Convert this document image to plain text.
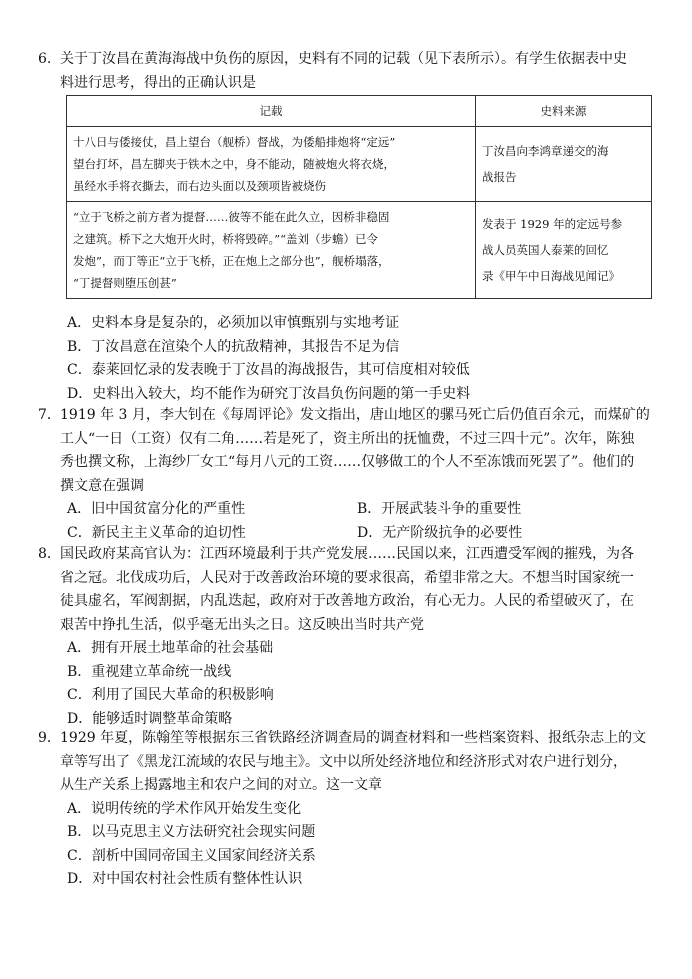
6. 关于丁汝昌在黄海海战中负伤的原因，史料有不同的记载（见下表所示）。有学生依据表中史
料进行思考，得出的正确认识是
记载	史料来源

十八日与倭接仗，昌上望台（舰桥）督战，为倭船排炮将“定远”
望台打坏，昌左脚夹于铁木之中，身不能动，随被炮火将衣烧，
虽经水手将衣撕去，而右边头面以及颈项皆被烧伤	丁汝昌向李鸿章递交的海
战报告

“立于飞桥之前方者为提督……彼等不能在此久立，因桥非稳固
之建筑。桥下之大炮开火时，桥将毁碎。”“盖刘（步蟾）已令
发炮”，而丁等正“立于飞桥，正在炮上之部分也”，舰桥塌落，
“丁提督则堕压创甚”	发表于 1929 年的定远号参
战人员英国人泰莱的回忆
录《甲午中日海战见闻记》
A．史料本身是复杂的，必须加以审慎甄别与实地考证
B．丁汝昌意在渲染个人的抗敌精神，其报告不足为信
C．泰莱回忆录的发表晚于丁汝昌的海战报告，其可信度相对较低
D．史料出入较大，均不能作为研究丁汝昌负伤问题的第一手史料
7． 1919 年 3 月，李大钊在《每周评论》发文指出，唐山地区的骡马死亡后仍值百余元，而煤矿的
工人“一日（工资）仅有二角……若是死了，资主所出的抚恤费，不过三四十元”。次年，陈独
秀也撰文称，上海纱厂女工“每月八元的工资……仅够做工的个人不至冻饿而死罢了”。他们的
撰文意在强调
A．旧中国贫富分化的严重性	B．开展武装斗争的重要性
C．新民主主义革命的迫切性	D．无产阶级抗争的必要性
8． 国民政府某高官认为：江西环境最利于共产党发展……民国以来，江西遭受军阀的摧残，为各
省之冠。北伐成功后，人民对于改善政治环境的要求很高，希望非常之大。不想当时国家统一
徒具虚名，军阀割据，内乱迭起，政府对于改善地方政治，有心无力。人民的希望破灭了，在
艰苦中挣扎生活，似乎毫无出头之日。这反映出当时共产党
A．拥有开展土地革命的社会基础
B．重视建立革命统一战线
C．利用了国民大革命的积极影响
D．能够适时调整革命策略
9． 1929 年夏，陈翰笙等根据东三省铁路经济调查局的调查材料和一些档案资料、报纸杂志上的文
章等写出了《黑龙江流域的农民与地主》。文中以所处经济地位和经济形式对农户进行划分，
从生产关系上揭露地主和农户之间的对立。这一文章
A．说明传统的学术作风开始发生变化
B．以马克思主义方法研究社会现实问题
C．剖析中国同帝国主义国家间经济关系
D．对中国农村社会性质有整体性认识
